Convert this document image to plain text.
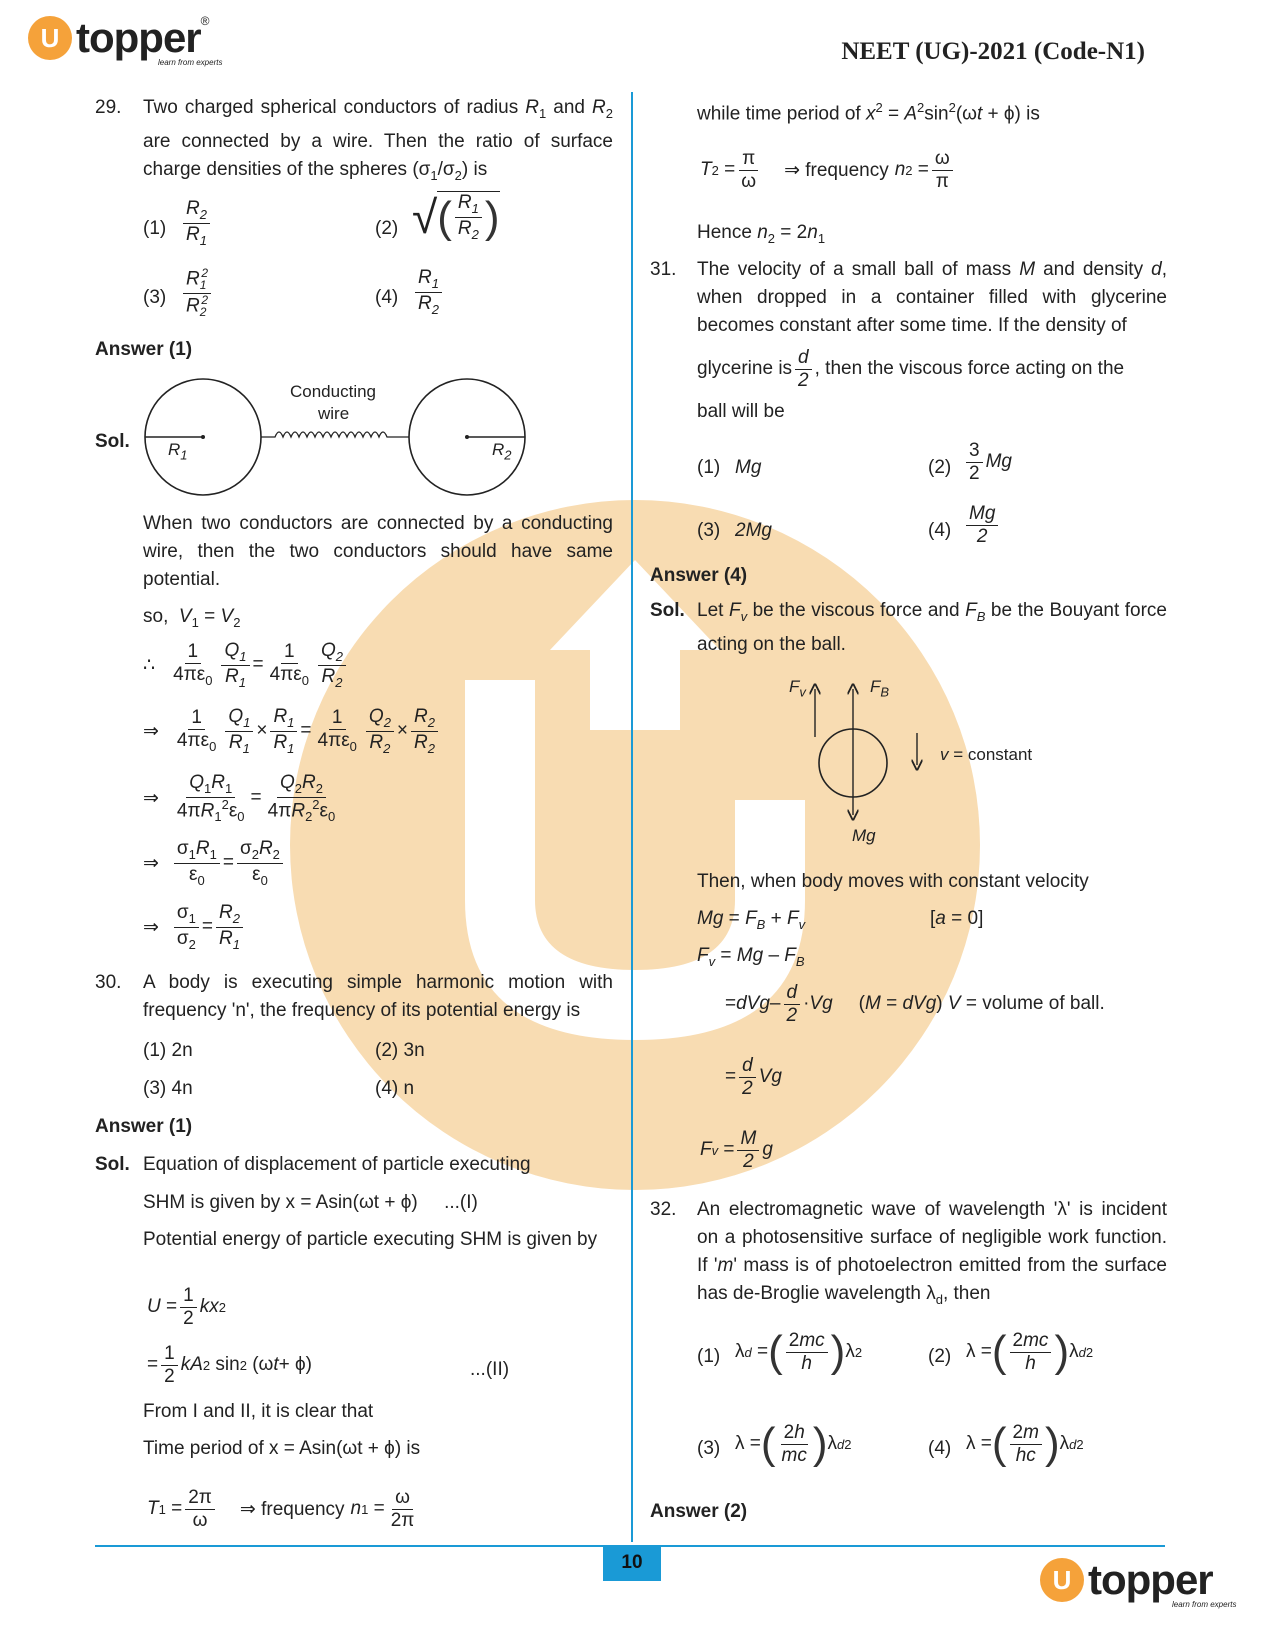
U topper ®
learn from experts	NEET (UG)-2021 (Code-N1)
29. Two charged spherical conductors of radius $R_1$ and $R_2$ are connected by a wire. Then the ratio of surface charge densities of the spheres $(\sigma_1/\sigma_2)$ is
$(1) \frac{R_2}{R_1}$	(2) √ ( $\frac{R_1}{R_2}$ )
$(3) \frac{R_1^2}{R_2^2}$	$(4) \frac{R_1}{R_2}$
Answer (1)
Sol.
Conducting
wire
$R_1$	$R_2$
When two conductors are connected by a conducting wire, then the two conductors should have same potential.
so, $V_1 = V_2$
∴ $\frac{1}{4\pi\varepsilon_0} \frac{Q_1}{R_1} = \frac{1}{4\pi\varepsilon_0} \frac{Q_2}{R_2}$
⇒ $\frac{1}{4\pi\varepsilon_0} \frac{Q_1}{R_1} \times \frac{R_1}{R_1} = \frac{1}{4\pi\varepsilon_0} \frac{Q_2}{R_2} \times \frac{R_2}{R_2}$
⇒ $\frac{Q_1R_1}{4\pi R_1^2\varepsilon_0} = \frac{Q_2R_2}{4\pi R_2^2\varepsilon_0}$
⇒ $\frac{\sigma_1R_1}{\varepsilon_0} = \frac{\sigma_2R_2}{\varepsilon_0}$
⇒ $\frac{\sigma_1}{\sigma_2} = \frac{R_2}{R_1}$
30. A body is executing simple harmonic motion with frequency 'n', the frequency of its potential energy is
(1) 2n	(2) 3n
(3) 4n	(4) n
Answer (1)
Sol. Equation of displacement of particle executing
SHM is given by x = Asin(ωt + ϕ)     ...(I)
Potential energy of particle executing SHM is given by
$U = \frac{1}{2}$ kx 2
= $\frac{1}{2}$ kA 2 sin 2 (ω t + ϕ)	...(II)
From I and II, it is clear that
Time period of x = Asin(ωt + ϕ) is
T $1 = \frac{2\pi}{\omega}$ ⇒ frequency n $1 = \frac{\omega}{2\pi}$
while time period of $x^2 = A^2\sin^2(\omega t + \phi)$ is
T $2 = \frac{\pi}{\omega}$ ⇒ frequency n $2 = \frac{\omega}{\pi}$
Hence $n_2 = 2n_1$
31. The velocity of a small ball of mass M and density d, when dropped in a container filled with glycerine becomes constant after some time. If the density of
glycerine is $\frac{d}{2}$ , then the viscous force acting on the
ball will be
(1) Mg	$(2) \frac{3}{2}$ Mg
(3) 2Mg	$(4) \frac{Mg}{2}$
Answer (4)
Sol. Let $F_v$ be the viscous force and $F_B$ be the Bouyant force acting on the ball.
$F_v$	$F_B$
v = constant
Mg
Then, when body moves with constant velocity
$Mg = F_B + F_v$	[a = 0]
$F_v = Mg - F_B$
= dVg – $\frac{d}{2} \cdot Vg$ (M = dVg) V = volume of ball.
= $\frac{d}{2}$ Vg
F $v = \frac{M}{2}$ g
32. An electromagnetic wave of wavelength 'λ' is incident on a photosensitive surface of negligible work function. If 'm' mass is of photoelectron emitted from the surface has de-Broglie wavelength $\lambda_d$, then
(1) λ d = ( $\frac{2mc}{h}$ ) λ 2	(2) λ = ( $\frac{2mc}{h}$ ) λ d 2
(3) λ = ( $\frac{2h}{mc}$ ) λ d 2	(4) λ = ( $\frac{2m}{hc}$ ) λ d 2
Answer (2)
10
U topper
learn from experts
